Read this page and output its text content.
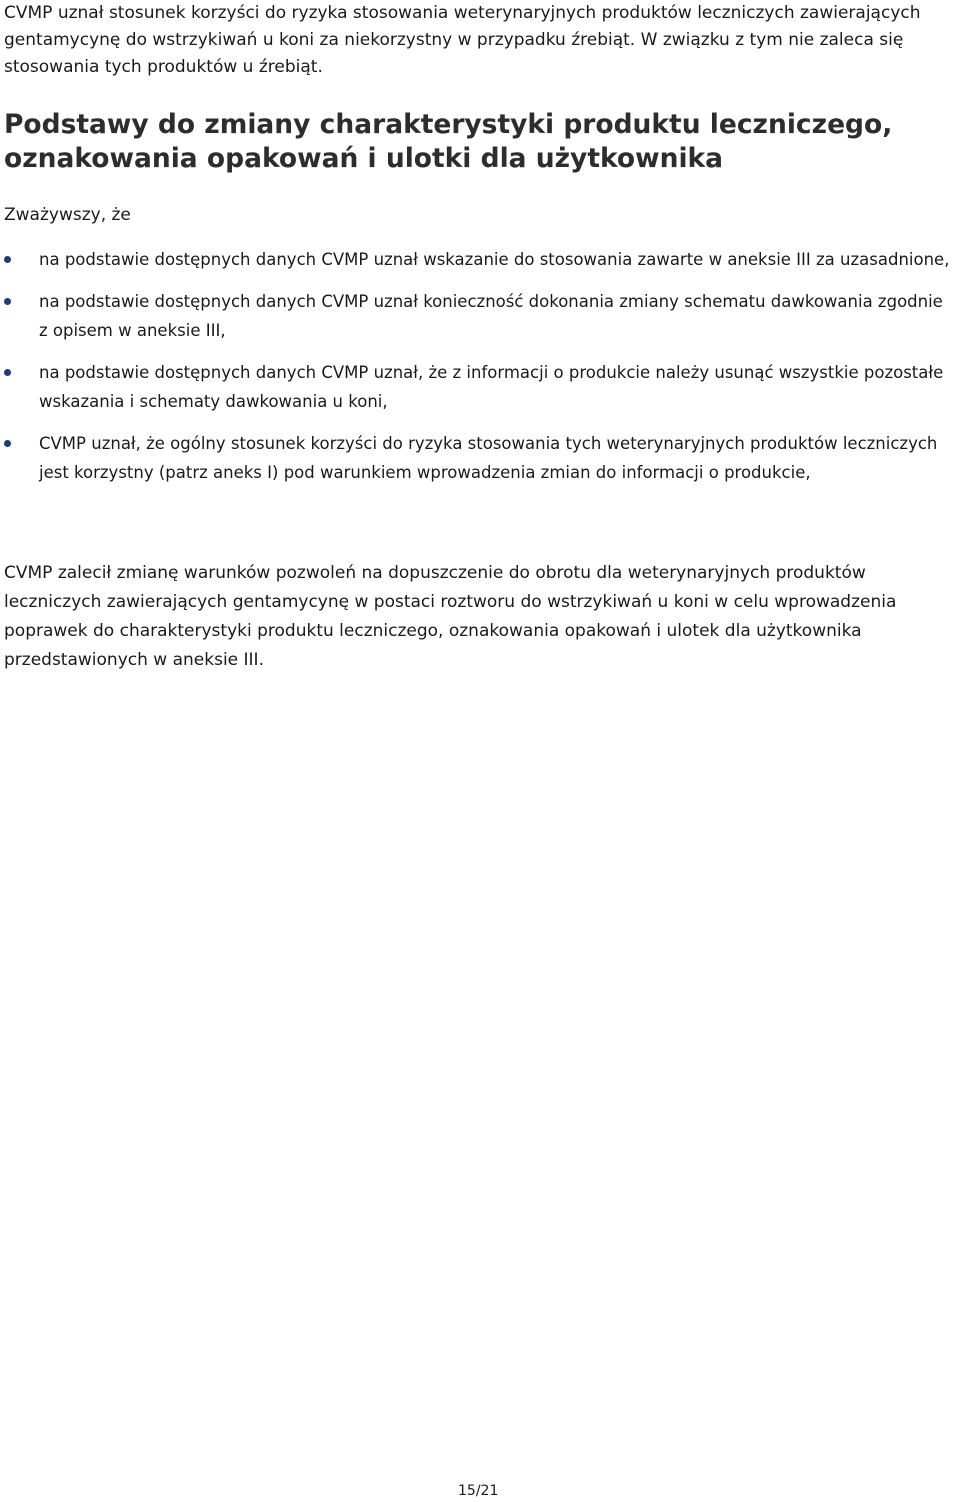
CVMP uznał stosunek korzyści do ryzyka stosowania weterynaryjnych produktów leczniczych zawierających gentamycynę do wstrzykiwań u koni za niekorzystny w przypadku źrebiąt. W związku z tym nie zaleca się stosowania tych produktów u źrebiąt.

Podstawy do zmiany charakterystyki produktu leczniczego,
oznakowania opakowań i ulotki dla użytkownika

Zważywszy, że

na podstawie dostępnych danych CVMP uznał wskazanie do stosowania zawarte w aneksie III za uzasadnione,
na podstawie dostępnych danych CVMP uznał konieczność dokonania zmiany schematu dawkowania zgodnie z opisem w aneksie III,
na podstawie dostępnych danych CVMP uznał, że z informacji o produkcie należy usunąć wszystkie pozostałe wskazania i schematy dawkowania u koni,
CVMP uznał, że ogólny stosunek korzyści do ryzyka stosowania tych weterynaryjnych produktów leczniczych jest korzystny (patrz aneks I) pod warunkiem wprowadzenia zmian do informacji o produkcie,

CVMP zalecił zmianę warunków pozwoleń na dopuszczenie do obrotu dla weterynaryjnych produktów leczniczych zawierających gentamycynę w postaci roztworu do wstrzykiwań u koni w celu wprowadzenia poprawek do charakterystyki produktu leczniczego, oznakowania opakowań i ulotek dla użytkownika przedstawionych w aneksie III.

15/21
